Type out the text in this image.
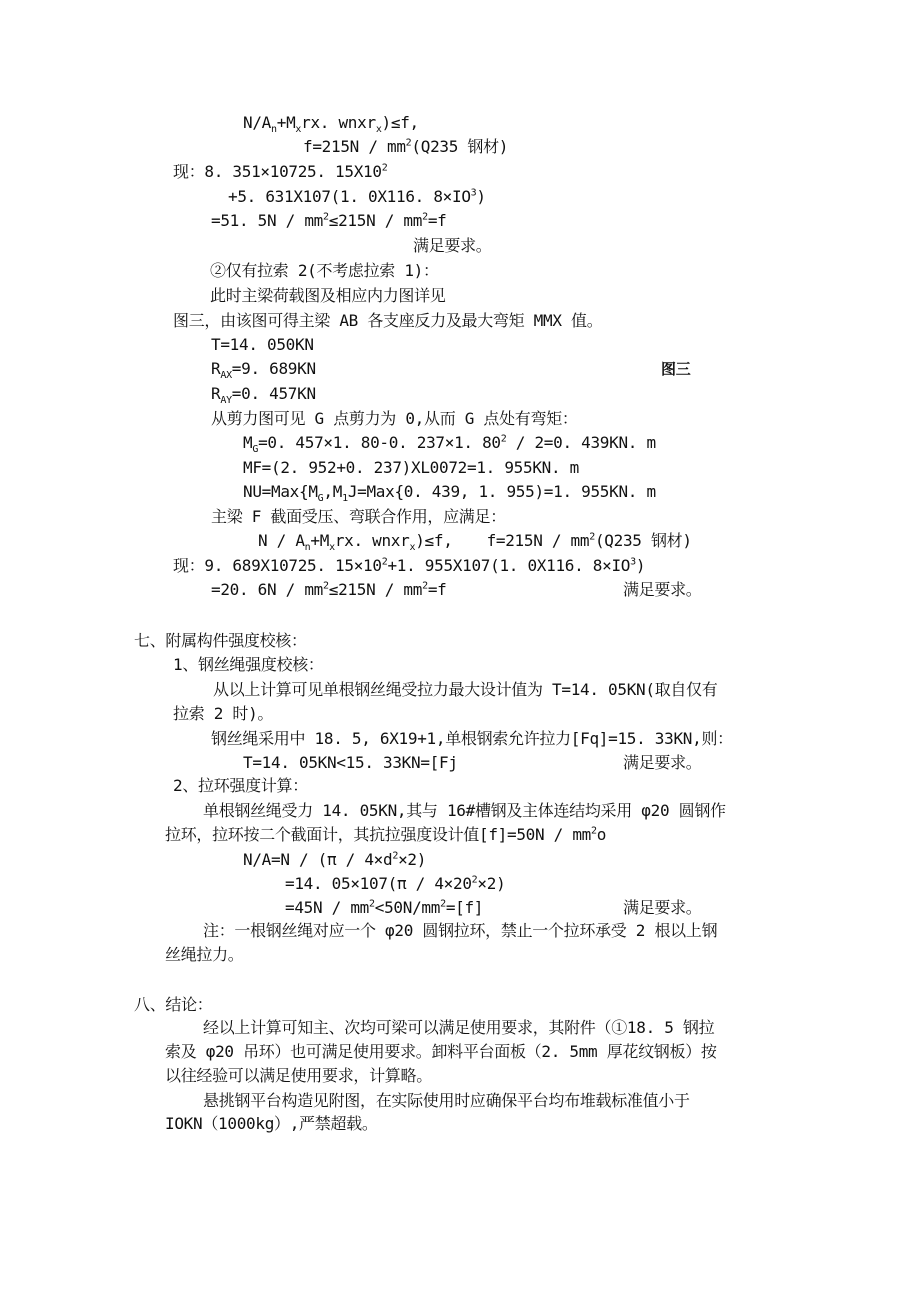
$N/A_n+M_xrx$. wnxr$_x$)≤f,
$f=215N / mm^2(Q235$ 钢材)
现：8. 351×10725. $15X10^2$
+5. 631X107(1. 0X116. $8\times IO^3$)
=51. $5N / mm^2\le 215N / mm^2=f$
满足要求。
②仅有拉索 2(不考虑拉索 1)：
此时主梁荷载图及相应内力图详见
图三，由该图可得主梁 AB 各支座反力及最大弯矩 MMX 值。
T=14. 050KN
$R_{AX}=9$. 689KN	图三
$R_{AY}=0$. 457KN
从剪力图可见 G 点剪力为 0,从而 G 点处有弯矩：
$M_G=0$. 457×1. 80-0. 237×1. $80^2 / 2=0$. 439KN. m
MF=(2. 952+0. 237)XL0072=1. 955KN. m
$NU=Max\{M_G,M_1J=Max\{0$. 439, 1. 955)=1. 955KN. m
主梁 F 截面受压、弯联合作用，应满足：
$N / A_n+M_xrx$. wnxr$_x$)≤f, $f=215N / mm^2(Q235$ 钢材)
现：9. 689X10725. $15\times 10^2+1$. 955X107(1. 0X116. $8\times IO^3$)
=20. $6N / mm^2\le 215N / mm^2=f$	满足要求。
七、附属构件强度校核：
1、钢丝绳强度校核：
从以上计算可见单根钢丝绳受拉力最大设计值为 T=14. 05KN(取自仅有
拉索 2 时)。
钢丝绳采用中 18. 5, 6X19+1,单根钢索允许拉力[Fq]=15. 33KN,则：
T=14. 05KN<15. 33KN=[Fj	满足要求。
2、拉环强度计算：
单根钢丝绳受力 14. 05KN,其与 16#槽钢及主体连结均采用 φ20 圆钢作
拉环，拉环按二个截面计，其抗拉强度设计值$[f]=50N / mm^2o$
$N/A=N / (\pi / 4\times d^2\times 2)$
=14. $05\times 107(\pi / 4\times 20^2\times 2)$
$=45N / mm^2<50N/mm^2=[f]$	满足要求。
注：一根钢丝绳对应一个 φ20 圆钢拉环，禁止一个拉环承受 2 根以上钢
丝绳拉力。
八、结论：
经以上计算可知主、次均可梁可以满足使用要求，其附件（①18. 5 钢拉
索及 φ20 吊环）也可满足使用要求。卸料平台面板（2. 5mm 厚花纹钢板）按
以往经验可以满足使用要求，计算略。
悬挑钢平台构造见附图，在实际使用时应确保平台均布堆载标准值小于
IOKN（1000kg）,严禁超载。
